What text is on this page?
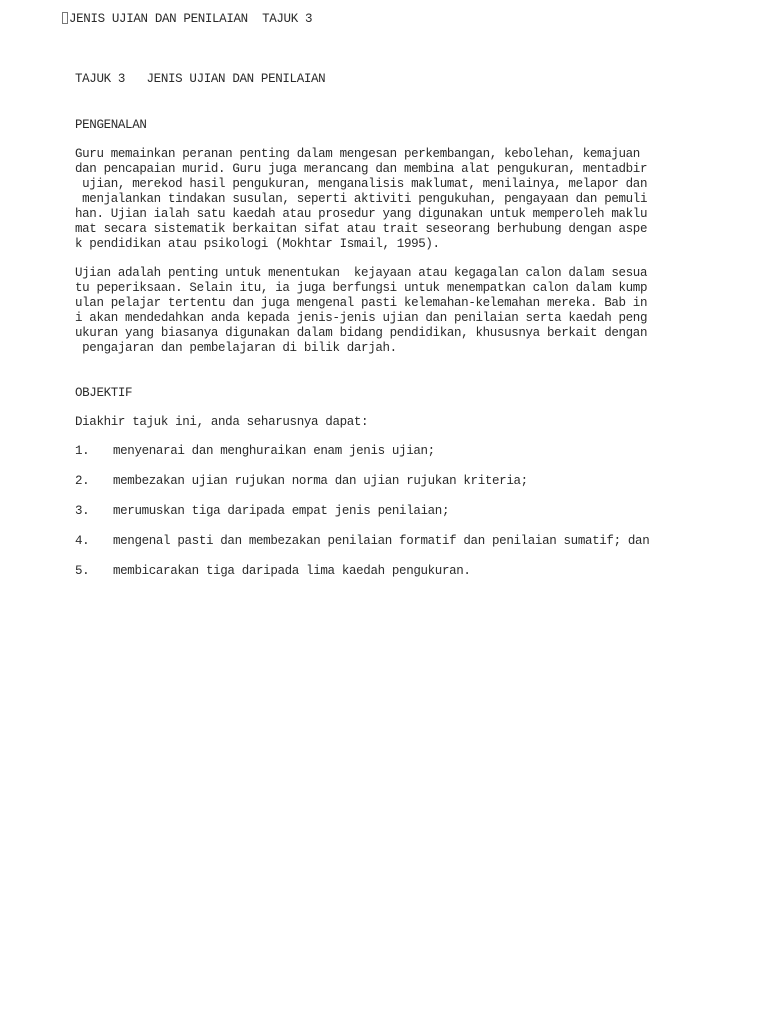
JENIS UJIAN DAN PENILAIAN  TAJUK 3
TAJUK 3   JENIS UJIAN DAN PENILAIAN
PENGENALAN
Guru memainkan peranan penting dalam mengesan perkembangan, kebolehan, kemajuan
dan pencapaian murid. Guru juga merancang dan membina alat pengukuran, mentadbir
ujian, merekod hasil pengukuran, menganalisis maklumat, menilainya, melapor dan
menjalankan tindakan susulan, seperti aktiviti pengukuhan, pengayaan dan pemuli
han. Ujian ialah satu kaedah atau prosedur yang digunakan untuk memperoleh maklu
mat secara sistematik berkaitan sifat atau trait seseorang berhubung dengan aspe
k pendidikan atau psikologi (Mokhtar Ismail, 1995).
Ujian adalah penting untuk menentukan  kejayaan atau kegagalan calon dalam sesua
tu peperiksaan. Selain itu, ia juga berfungsi untuk menempatkan calon dalam kump
ulan pelajar tertentu dan juga mengenal pasti kelemahan-kelemahan mereka. Bab in
i akan mendedahkan anda kepada jenis-jenis ujian dan penilaian serta kaedah peng
ukuran yang biasanya digunakan dalam bidang pendidikan, khususnya berkait dengan
pengajaran dan pembelajaran di bilik darjah.
OBJEKTIF
Diakhir tajuk ini, anda seharusnya dapat:
1. menyenarai dan menghuraikan enam jenis ujian;
2. membezakan ujian rujukan norma dan ujian rujukan kriteria;
3. merumuskan tiga daripada empat jenis penilaian;
4. mengenal pasti dan membezakan penilaian formatif dan penilaian sumatif; dan
5. membicarakan tiga daripada lima kaedah pengukuran.
